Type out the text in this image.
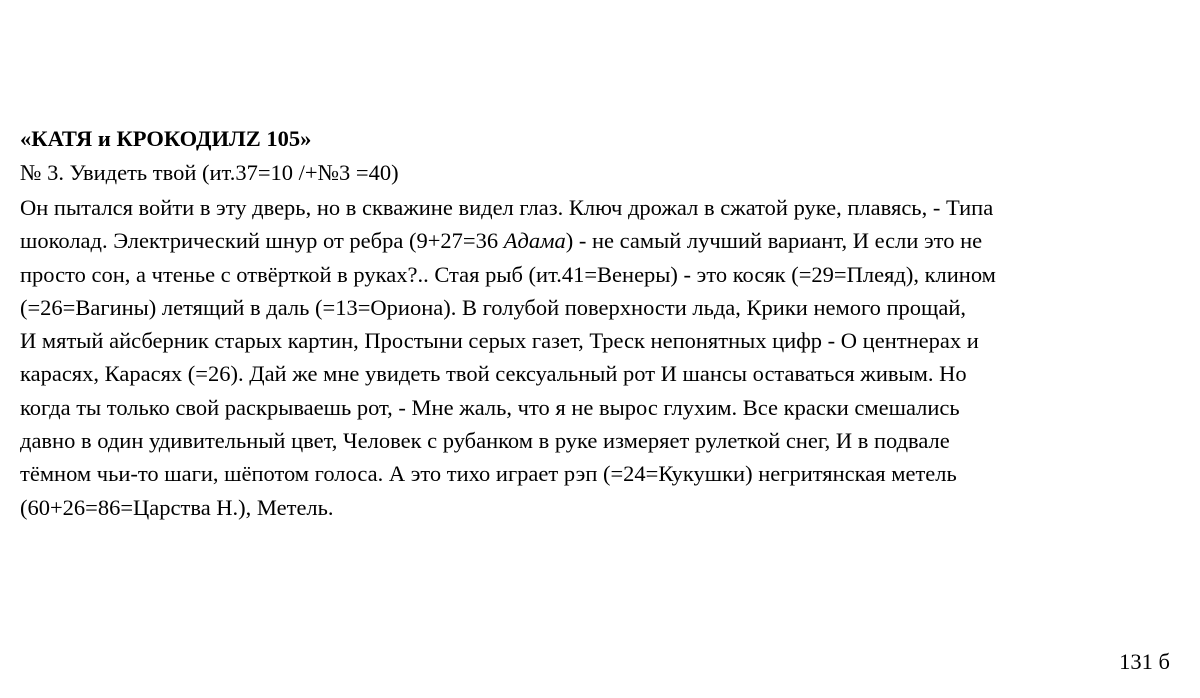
«КАТЯ и КРОКОДИЛZ 105»
№ 3. Увидеть твой (ит.37=10 /+№3 =40)
Он пытался войти в эту дверь, но в скважине видел глаз. Ключ дрожал в сжатой руке, плавясь, - Типа
шоколад. Электрический шнур от ребра (9+27=36 Адама) - не самый лучший вариант, И если это не
просто сон, а чтенье с отвёрткой в руках?.. Стая рыб (ит.41=Венеры) - это косяк (=29=Плеяд), клином
(=26=Вагины) летящий в даль (=13=Ориона). В голубой поверхности льда, Крики немого прощай,
И мятый айсберник старых картин, Простыни серых газет, Треск непонятных цифр - О центнерах и
карасях, Карасях (=26). Дай же мне увидеть твой сексуальный рот И шансы оставаться живым. Но
когда ты только свой раскрываешь рот, - Мне жаль, что я не вырос глухим. Все краски смешались
давно в один удивительный цвет, Человек с рубанком в руке измеряет рулеткой снег, И в подвале
тёмном чьи-то шаги, шёпотом голоса. А это тихо играет рэп (=24=Кукушки) негритянская метель
(60+26=86=Царства Н.), Метель.
131 б
